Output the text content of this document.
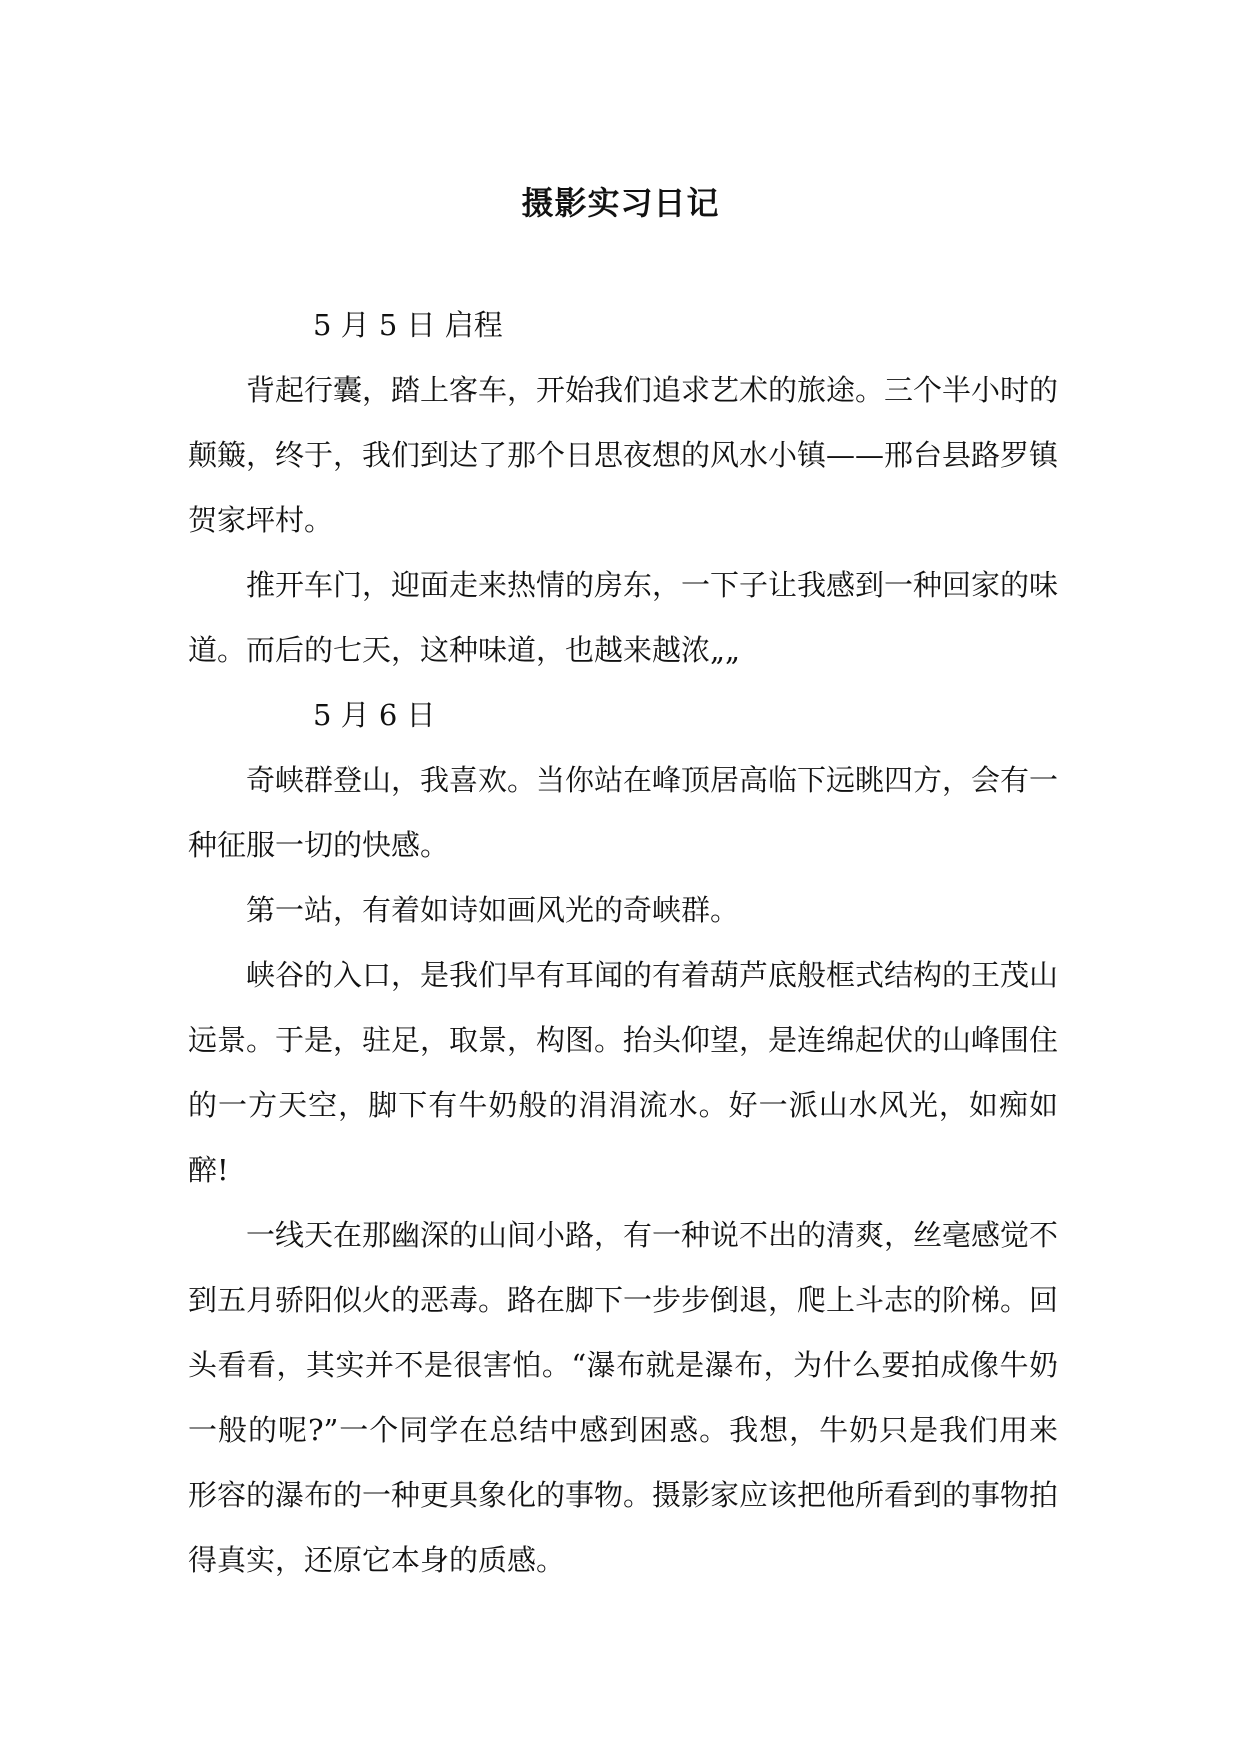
摄影实习日记

5 月 5 日 启程

背起行囊，踏上客车，开始我们追求艺术的旅途。三个半小时的颠簸，终于，我们到达了那个日思夜想的风水小镇——邢台县路罗镇贺家坪村。

推开车门，迎面走来热情的房东，一下子让我感到一种回家的味道。而后的七天，这种味道，也越来越浓„„

5 月 6 日

奇峡群登山，我喜欢。当你站在峰顶居高临下远眺四方，会有一种征服一切的快感。

第一站，有着如诗如画风光的奇峡群。

峡谷的入口，是我们早有耳闻的有着葫芦底般框式结构的王茂山远景。于是，驻足，取景，构图。抬头仰望，是连绵起伏的山峰围住的一方天空，脚下有牛奶般的涓涓流水。好一派山水风光，如痴如醉!

一线天在那幽深的山间小路，有一种说不出的清爽，丝毫感觉不到五月骄阳似火的恶毒。路在脚下一步步倒退，爬上斗志的阶梯。回头看看，其实并不是很害怕。“瀑布就是瀑布，为什么要拍成像牛奶一般的呢?”一个同学在总结中感到困惑。我想，牛奶只是我们用来形容的瀑布的一种更具象化的事物。摄影家应该把他所看到的事物拍得真实，还原它本身的质感。
